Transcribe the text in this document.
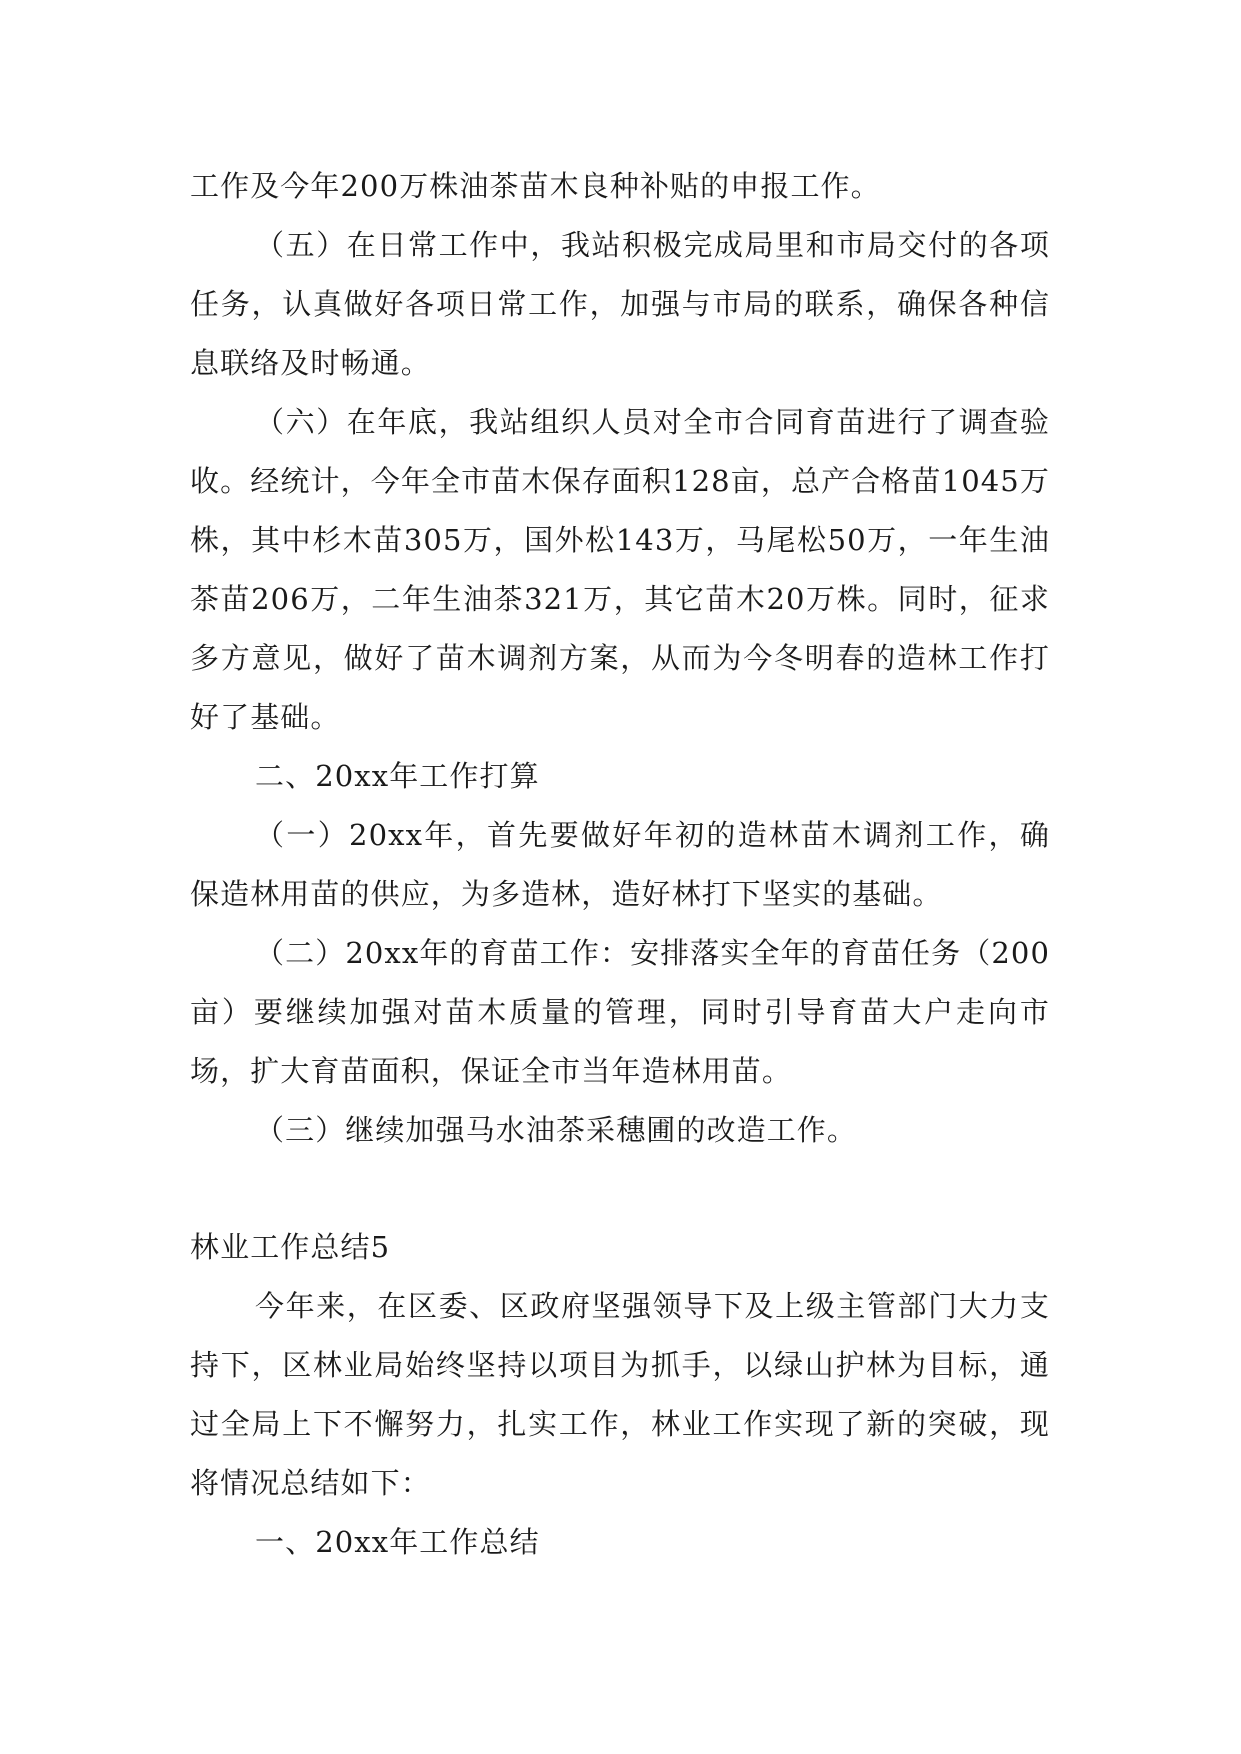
工作及今年200万株油茶苗木良种补贴的申报工作。

（五）在日常工作中，我站积极完成局里和市局交付的各项任务，认真做好各项日常工作，加强与市局的联系，确保各种信息联络及时畅通。

（六）在年底，我站组织人员对全市合同育苗进行了调查验收。经统计，今年全市苗木保存面积128亩，总产合格苗1045万株，其中杉木苗305万，国外松143万，马尾松50万，一年生油茶苗206万，二年生油茶321万，其它苗木20万株。同时，征求多方意见，做好了苗木调剂方案，从而为今冬明春的造林工作打好了基础。

二、20xx年工作打算

（一）20xx年，首先要做好年初的造林苗木调剂工作，确保造林用苗的供应，为多造林，造好林打下坚实的基础。

（二）20xx年的育苗工作：安排落实全年的育苗任务（200亩）要继续加强对苗木质量的管理，同时引导育苗大户走向市场，扩大育苗面积，保证全市当年造林用苗。

（三）继续加强马水油茶采穗圃的改造工作。

林业工作总结5

今年来，在区委、区政府坚强领导下及上级主管部门大力支持下，区林业局始终坚持以项目为抓手，以绿山护林为目标，通过全局上下不懈努力，扎实工作，林业工作实现了新的突破，现将情况总结如下：

一、20xx年工作总结
